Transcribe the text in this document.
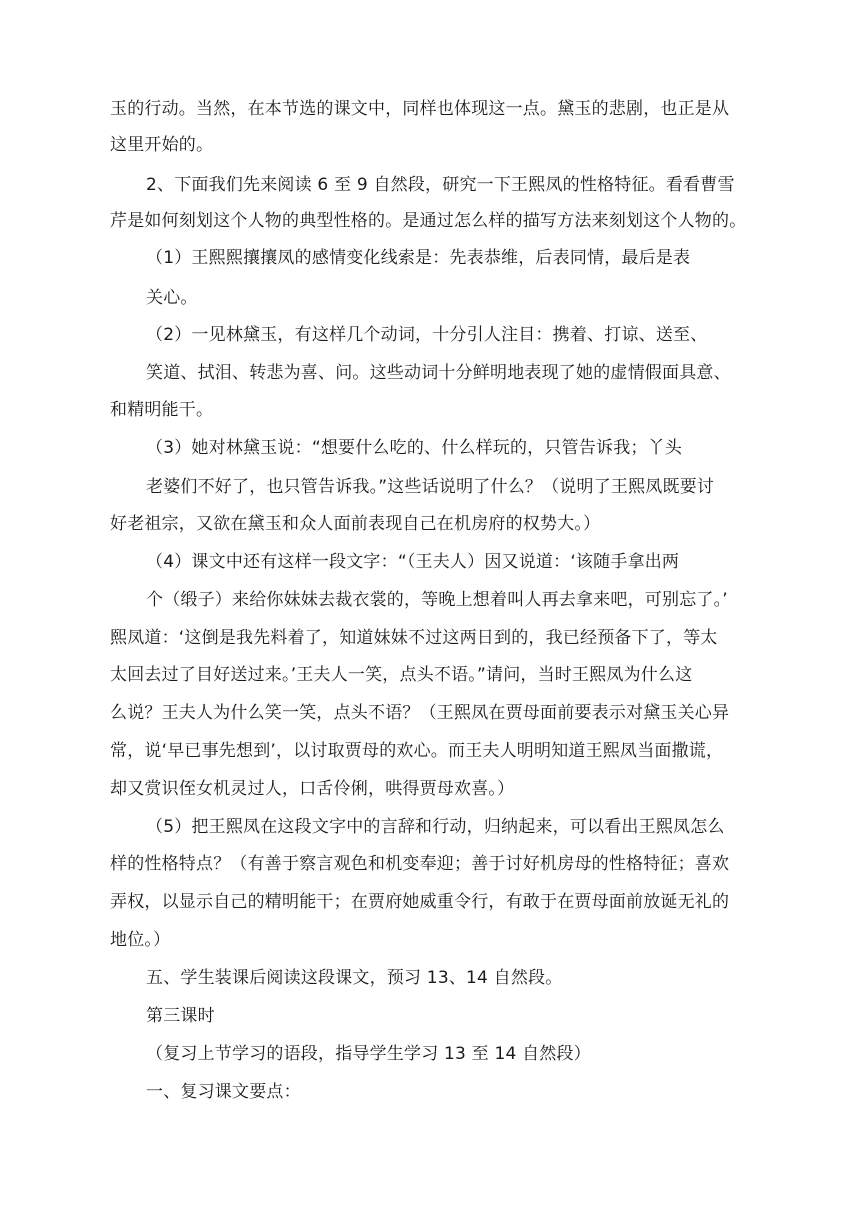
玉的行动。当然，在本节选的课文中，同样也体现这一点。黛玉的悲剧，也正是从
这里开始的。
2、下面我们先来阅读 6 至 9 自然段，研究一下王熙凤的性格特征。看看曹雪
芹是如何刻划这个人物的典型性格的。是通过怎么样的描写方法来刻划这个人物的。
（1）王熙熙攘攘凤的感情变化线索是：先表恭维，后表同情，最后是表
关心。
（2）一见林黛玉，有这样几个动词，十分引人注目：携着、打谅、送至、
笑道、拭泪、转悲为喜、问。这些动词十分鲜明地表现了她的虚情假面具意、
和精明能干。
（3）她对林黛玉说：“想要什么吃的、什么样玩的，只管告诉我；丫头
老婆们不好了，也只管告诉我。”这些话说明了什么？（说明了王熙凤既要讨
好老祖宗，又欲在黛玉和众人面前表现自己在机房府的权势大。）
（4）课文中还有这样一段文字：“（王夫人）因又说道：‘该随手拿出两
个（缎子）来给你妹妹去裁衣裳的，等晚上想着叫人再去拿来吧，可别忘了。’
熙凤道：‘这倒是我先料着了，知道妹妹不过这两日到的，我已经预备下了，等太
太回去过了目好送过来。’王夫人一笑，点头不语。”请问，当时王熙凤为什么这
么说？王夫人为什么笑一笑，点头不语？（王熙凤在贾母面前要表示对黛玉关心异
常，说‘早已事先想到’，以讨取贾母的欢心。而王夫人明明知道王熙凤当面撒谎，
却又赏识侄女机灵过人，口舌伶俐，哄得贾母欢喜。）
（5）把王熙凤在这段文字中的言辞和行动，归纳起来，可以看出王熙凤怎么
样的性格特点？（有善于察言观色和机变奉迎；善于讨好机房母的性格特征；喜欢
弄权，以显示自己的精明能干；在贾府她威重令行，有敢于在贾母面前放诞无礼的
地位。）
五、学生装课后阅读这段课文，预习 13、14 自然段。
第三课时
（复习上节学习的语段，指导学生学习 13 至 14 自然段）
一、复习课文要点：
